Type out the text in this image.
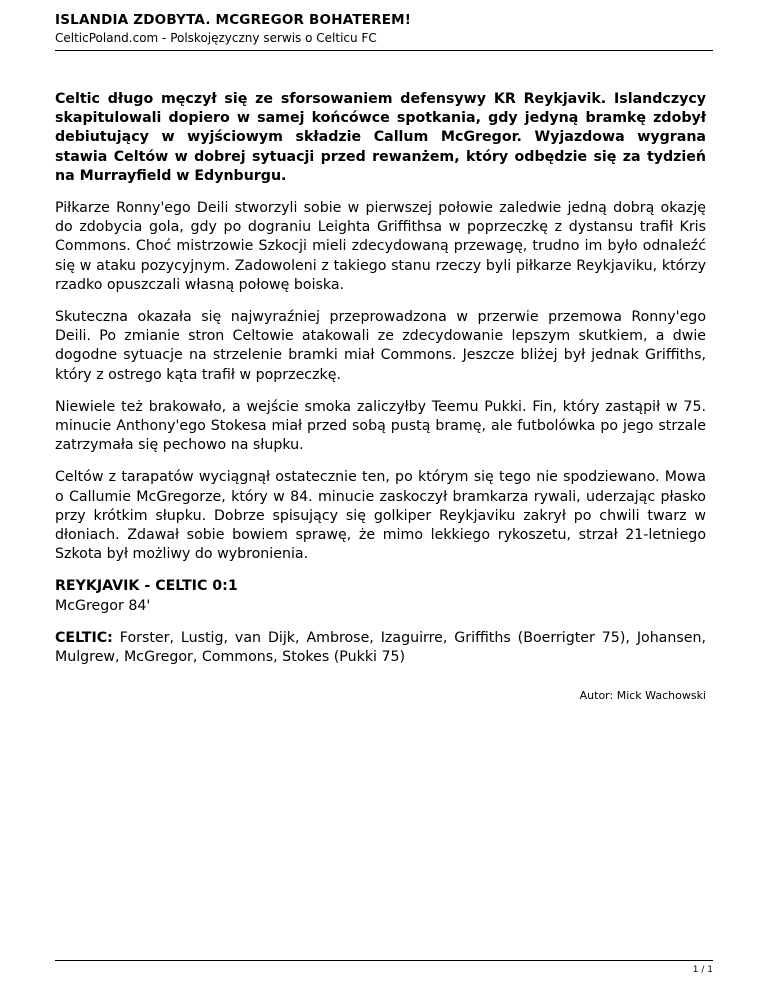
ISLANDIA ZDOBYTA. MCGREGOR BOHATEREM!
CelticPoland.com - Polskojęzyczny serwis o Celticu FC

Celtic długo męczył się ze sforsowaniem defensywy KR Reykjavik. Islandczycy skapitulowali dopiero w samej końcówce spotkania, gdy jedyną bramkę zdobył debiutujący w wyjściowym składzie Callum McGregor. Wyjazdowa wygrana stawia Celtów w dobrej sytuacji przed rewanżem, który odbędzie się za tydzień na Murrayfield w Edynburgu.

Piłkarze Ronny'ego Deili stworzyli sobie w pierwszej połowie zaledwie jedną dobrą okazję do zdobycia gola, gdy po dograniu Leighta Griffithsa w poprzeczkę z dystansu trafił Kris Commons. Choć mistrzowie Szkocji mieli zdecydowaną przewagę, trudno im było odnaleźć się w ataku pozycyjnym. Zadowoleni z takiego stanu rzeczy byli piłkarze Reykjaviku, którzy rzadko opuszczali własną połowę boiska.

Skuteczna okazała się najwyraźniej przeprowadzona w przerwie przemowa Ronny'ego Deili. Po zmianie stron Celtowie atakowali ze zdecydowanie lepszym skutkiem, a dwie dogodne sytuacje na strzelenie bramki miał Commons. Jeszcze bliżej był jednak Griffiths, który z ostrego kąta trafił w poprzeczkę.

Niewiele też brakowało, a wejście smoka zaliczyłby Teemu Pukki. Fin, który zastąpił w 75. minucie Anthony'ego Stokesa miał przed sobą pustą bramę, ale futbolówka po jego strzale zatrzymała się pechowo na słupku.

Celtów z tarapatów wyciągnął ostatecznie ten, po którym się tego nie spodziewano. Mowa o Callumie McGregorze, który w 84. minucie zaskoczył bramkarza rywali, uderzając płasko przy krótkim słupku. Dobrze spisujący się golkiper Reykjaviku zakrył po chwili twarz w dłoniach. Zdawał sobie bowiem sprawę, że mimo lekkiego rykoszetu, strzał 21-letniego Szkota był możliwy do wybronienia.

REYKJAVIK - CELTIC 0:1
McGregor 84'

CELTIC: Forster, Lustig, van Dijk, Ambrose, Izaguirre, Griffiths (Boerrigter 75), Johansen, Mulgrew, McGregor, Commons, Stokes (Pukki 75)

Autor: Mick Wachowski
1 / 1
